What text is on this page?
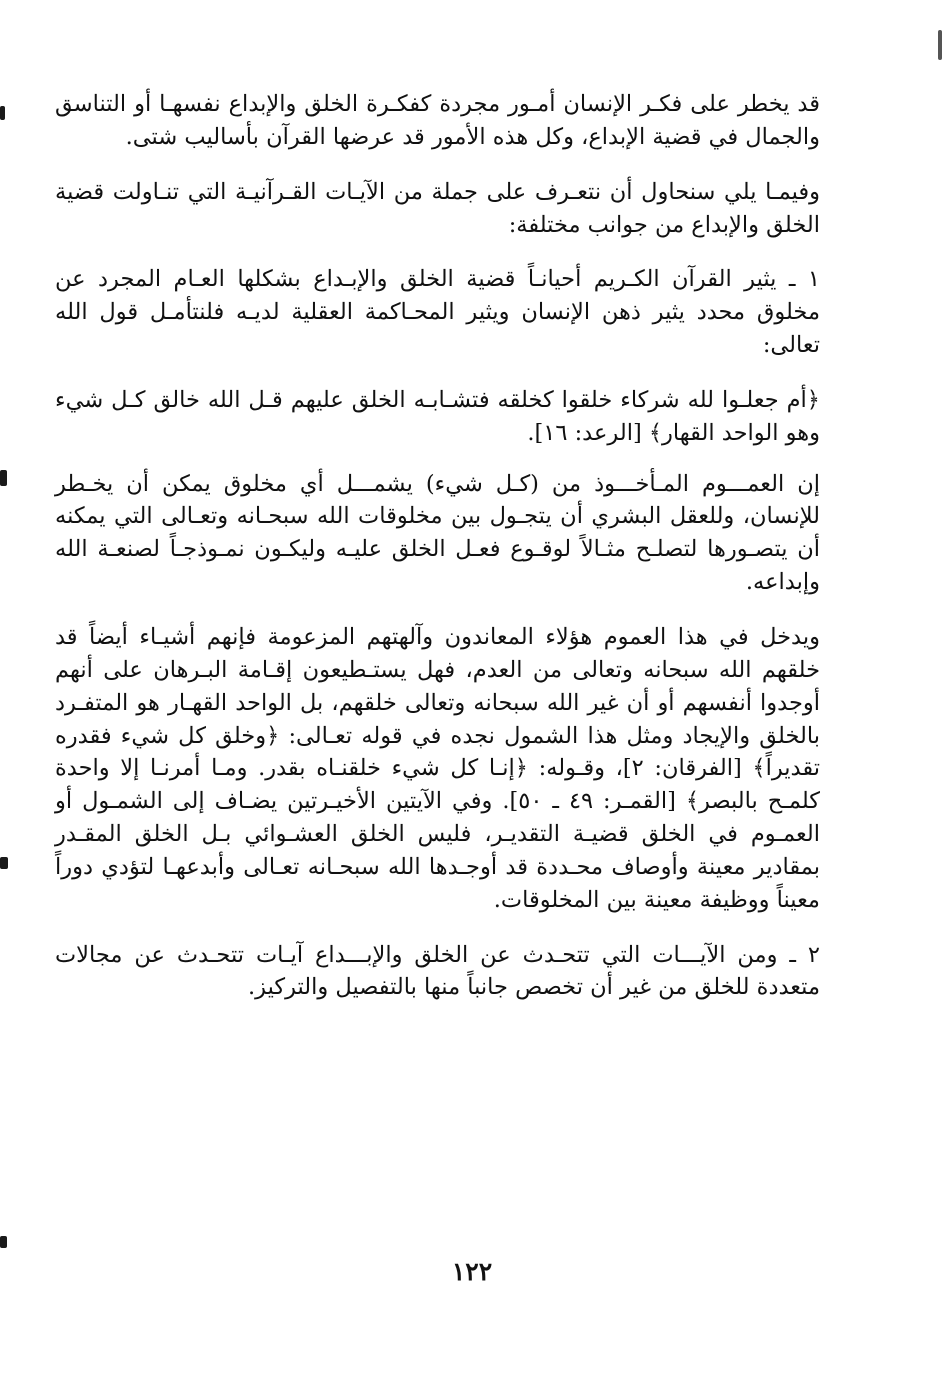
قد يخطر على فكـر الإنسان أمـور مجردة كفكـرة الخلق والإبداع نفسهـا أو التناسق والجمال في قضية الإبداع، وكل هذه الأمور قد عرضها القرآن بأساليب شتى.

وفيمـا يلي سنحاول أن نتعـرف على جملة من الآيـات القـرآنيـة التي تنـاولت قضية الخلق والإبداع من جوانب مختلفة:

١ ـ يثير القرآن الكـريم أحيانـاً قضية الخلق والإبـداع بشكلها العـام المجرد عن مخلوق محدد يثير ذهن الإنسان ويثير المحـاكمة العقلية لديـه فلنتأمـل قول الله تعالى:

﴿أم جعلـوا لله شركاء خلقوا كخلقه فتشـابـه الخلق عليهم قـل الله خالق كـل شيء وهو الواحد القهار﴾ [الرعد: ١٦].

إن العمـــوم المـأخـــوذ من (كـل شيء) يشمـــل أي مخلوق يمكن أن يخـطر للإنسان، وللعقل البشري أن يتجـول بين مخلوقات الله سبحـانه وتعـالى التي يمكنه أن يتصـورها لتصلـح مثـالاً لوقـوع فعـل الخلق عليـه وليكـون نمـوذجـاً لصنعـة الله وإبداعه.

ويدخل في هذا العموم هؤلاء المعاندون وآلهتهم المزعومة فإنهم أشيـاء أيضاً قد خلقهم الله سبحانه وتعالى من العدم، فهل يستـطيعون إقـامة البـرهان على أنهم أوجدوا أنفسهم أو أن غير الله سبحانه وتعالى خلقهم، بل الواحد القهـار هو المتفـرد بالخلق والإيجاد ومثل هذا الشمول نجده في قوله تعـالى: ﴿وخلق كل شيء فقدره تقديراً﴾ [الفرقان: ٢]، وقـوله: ﴿إنـا كل شيء خلقنـاه بقدر. ومـا أمرنـا إلا واحدة كلمـح بالبصر﴾ [القمـر: ٤٩ ـ ٥٠]. وفي الآيتين الأخيـرتين يضـاف إلى الشمـول أو العمـوم في الخلق قضيـة التقديـر، فليس الخلق العشـوائي بـل الخلق المقـدر بمقادير معينة وأوصاف محـددة قد أوجـدها الله سبحـانه تعـالى وأبدعهـا لتؤدي دوراً معيناً ووظيفة معينة بين المخلوقات.

٢ ـ ومن الآيـــات التي تتحـدث عن الخلق والإبـــداع آيـات تتحـدث عن مجالات متعددة للخلق من غير أن تخصص جانباً منها بالتفصيل والتركيز.

١٢٢
